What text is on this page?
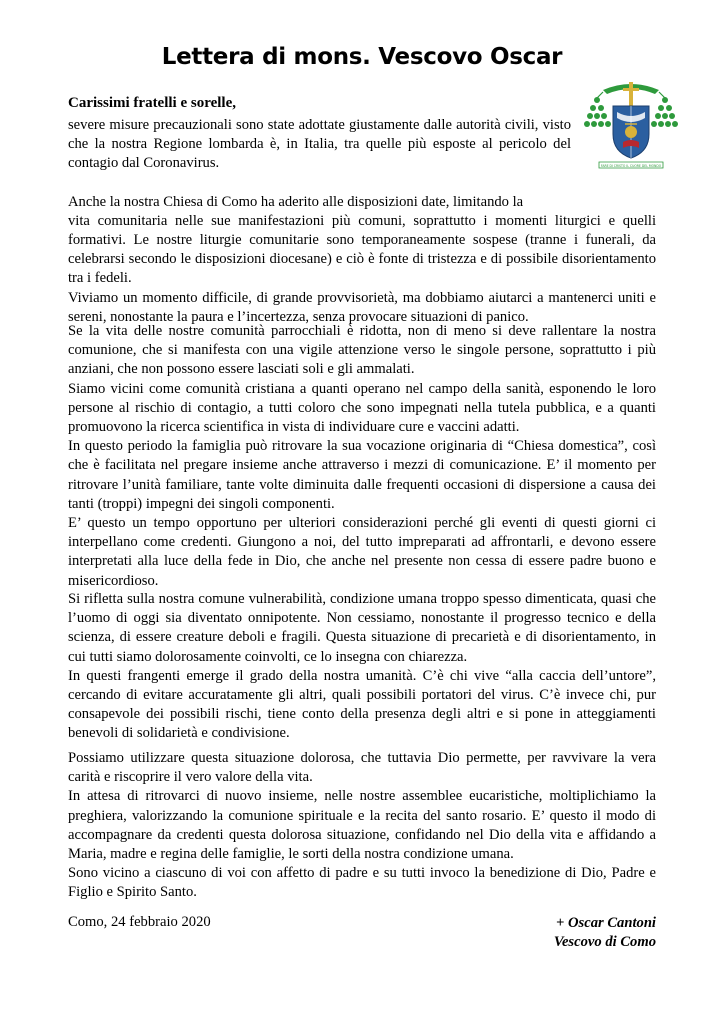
Lettera di mons. Vescovo Oscar
Carissimi fratelli e sorelle,
FARE DI CRISTO IL CUORE DEL MONDO

severe misure precauzionali sono state adottate giustamente dalle autorità civili, visto che la nostra Regione lombarda è, in Italia, tra quelle più esposte al pericolo del contagio dal Coronavirus.

Anche la nostra Chiesa di Como ha aderito alle disposizioni date, limitando la

vita comunitaria nelle sue manifestazioni più comuni, soprattutto i momenti liturgici e quelli formativi. Le nostre liturgie comunitarie sono temporaneamente sospese (tranne i funerali, da celebrarsi secondo le disposizioni diocesane) e ciò è fonte di tristezza e di possibile disorientamento tra i fedeli.

Viviamo un momento difficile, di grande provvisorietà, ma dobbiamo aiutarci a mantenerci uniti e sereni, nonostante la paura e l’incertezza, senza provocare situazioni di panico.

Se la vita delle nostre comunità parrocchiali è ridotta, non di meno si deve rallentare la nostra comunione, che si manifesta con una vigile attenzione verso le singole persone, soprattutto i più anziani, che non possono essere lasciati soli e gli ammalati.

Siamo vicini come comunità cristiana a quanti operano nel campo della sanità, esponendo le loro persone al rischio di contagio, a tutti coloro che sono impegnati nella tutela pubblica, e a quanti promuovono la ricerca scientifica in vista di individuare cure e vaccini adatti.

In questo periodo la famiglia può ritrovare la sua vocazione originaria di “Chiesa domestica”, così che è facilitata nel pregare insieme anche attraverso i mezzi di comunicazione. E’ il momento per ritrovare l’unità familiare, tante volte diminuita dalle frequenti occasioni di dispersione a causa dei tanti (troppi) impegni dei singoli componenti.

E’ questo un tempo opportuno per ulteriori considerazioni perché gli eventi di questi giorni ci interpellano come credenti. Giungono a noi, del tutto impreparati ad affrontarli, e devono essere interpretati alla luce della fede in Dio, che anche nel presente non cessa di essere padre buono e misericordioso.

Si rifletta sulla nostra comune vulnerabilità, condizione umana troppo spesso dimenticata, quasi che l’uomo di oggi sia diventato onnipotente. Non cessiamo, nonostante il progresso tecnico e della scienza, di essere creature deboli e fragili. Questa situazione di precarietà e di disorientamento, in cui tutti siamo dolorosamente coinvolti, ce lo insegna con chiarezza.

In questi frangenti emerge il grado della nostra umanità. C’è chi vive “alla caccia dell’untore”, cercando di evitare accuratamente gli altri, quali possibili portatori del virus. C’è invece chi, pur consapevole dei possibili rischi, tiene conto della presenza degli altri e si pone in atteggiamenti benevoli di solidarietà e condivisione.

Possiamo utilizzare questa situazione dolorosa, che tuttavia Dio permette, per ravvivare la vera carità e riscoprire il vero valore della vita.

In attesa di ritrovarci di nuovo insieme, nelle nostre assemblee eucaristiche, moltiplichiamo la preghiera, valorizzando la comunione spirituale e la recita del santo rosario. E’ questo il modo di accompagnare da credenti questa dolorosa situazione, confidando nel Dio della vita e affidando a Maria, madre e regina delle famiglie, le sorti della nostra condizione umana.

Sono vicino a ciascuno di voi con affetto di padre e su tutti invoco la benedizione di Dio, Padre e Figlio e Spirito Santo.

Como, 24 febbraio 2020	+ Oscar Cantoni
Vescovo di Como
